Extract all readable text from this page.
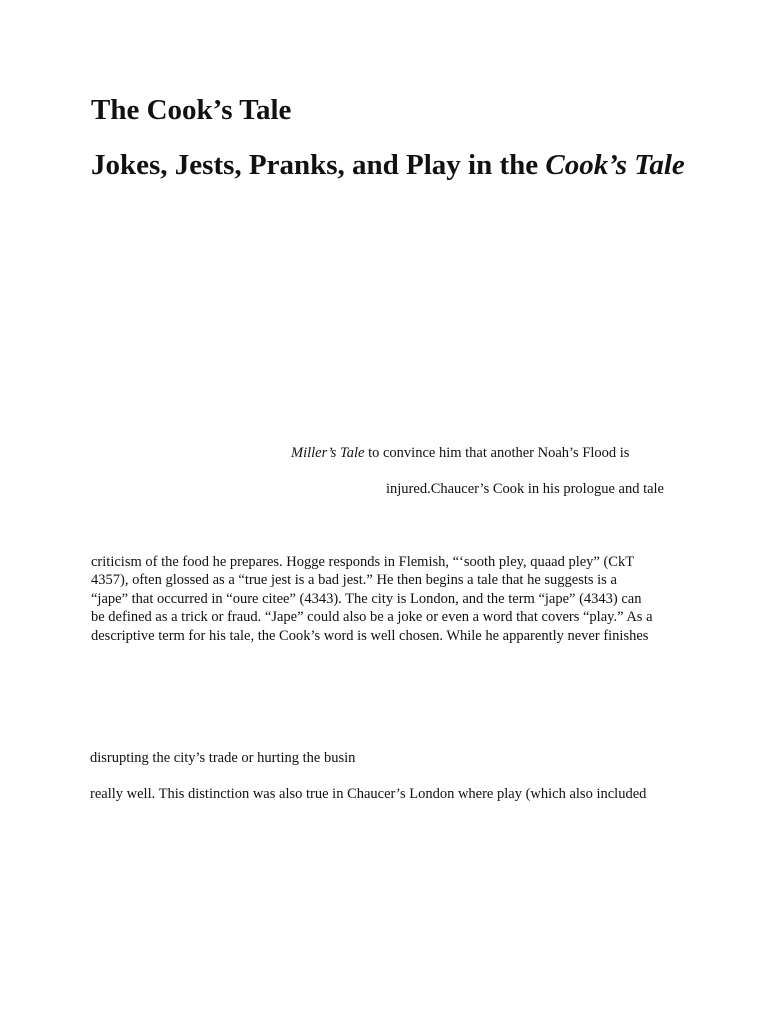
The Cook’s Tale
Jokes, Jests, Pranks, and Play in the Cook’s Tale

Miller’s Tale to convince him that another Noah’s Flood is

injured.Chaucer’s Cook in his prologue and tale

criticism of the food he prepares. Hogge responds in Flemish, “‘sooth pley, quaad pley” (CkT
4357), often glossed as a “true jest is a bad jest.” He then begins a tale that he suggests is a
“jape” that occurred in “oure citee” (4343). The city is London, and the term “jape” (4343) can
be defined as a trick or fraud. “Jape” could also be a joke or even a word that covers “play.” As a
descriptive term for his tale, the Cook’s word is well chosen. While he apparently never finishes

disrupting the city’s trade or hurting the busin

really well. This distinction was also true in Chaucer’s London where play (which also included
